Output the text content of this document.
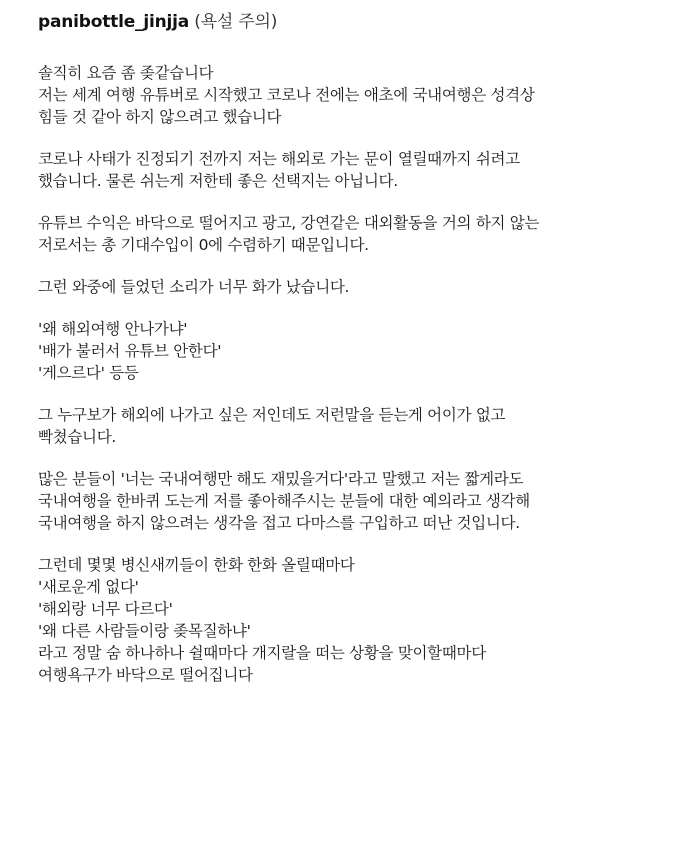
panibottle_jinjja (욕설 주의)

솔직히 요즘 좀 좆같습니다
저는 세계 여행 유튜버로 시작했고 코로나 전에는 애초에 국내여행은 성격상
힘들 것 같아 하지 않으려고 했습니다

코로나 사태가 진정되기 전까지 저는 해외로 가는 문이 열릴때까지 쉬려고
했습니다. 물론 쉬는게 저한테 좋은 선택지는 아닙니다.

유튜브 수익은 바닥으로 떨어지고 광고, 강연같은 대외활동을 거의 하지 않는
저로서는 총 기대수입이 0에 수렴하기 때문입니다.

그런 와중에 들었던 소리가 너무 화가 났습니다.

'왜 해외여행 안나가냐'
'배가 불러서 유튜브 안한다'
'게으르다' 등등

그 누구보가 해외에 나가고 싶은 저인데도 저런말을 듣는게 어이가 없고
빡쳤습니다.

많은 분들이 '너는 국내여행만 해도 재밌을거다'라고 말했고 저는 짧게라도
국내여행을 한바퀴 도는게 저를 좋아해주시는 분들에 대한 예의라고 생각해
국내여행을 하지 않으려는 생각을 접고 다마스를 구입하고 떠난 것입니다.

그런데 몇몇 병신새끼들이 한화 한화 올릴때마다
'새로운게 없다'
'해외랑 너무 다르다'
'왜 다른 사람들이랑 좆목질하냐'
라고 정말 숨 하나하나 쉴때마다 개지랄을 떠는 상황을 맞이할때마다
여행욕구가 바닥으로 떨어집니다
